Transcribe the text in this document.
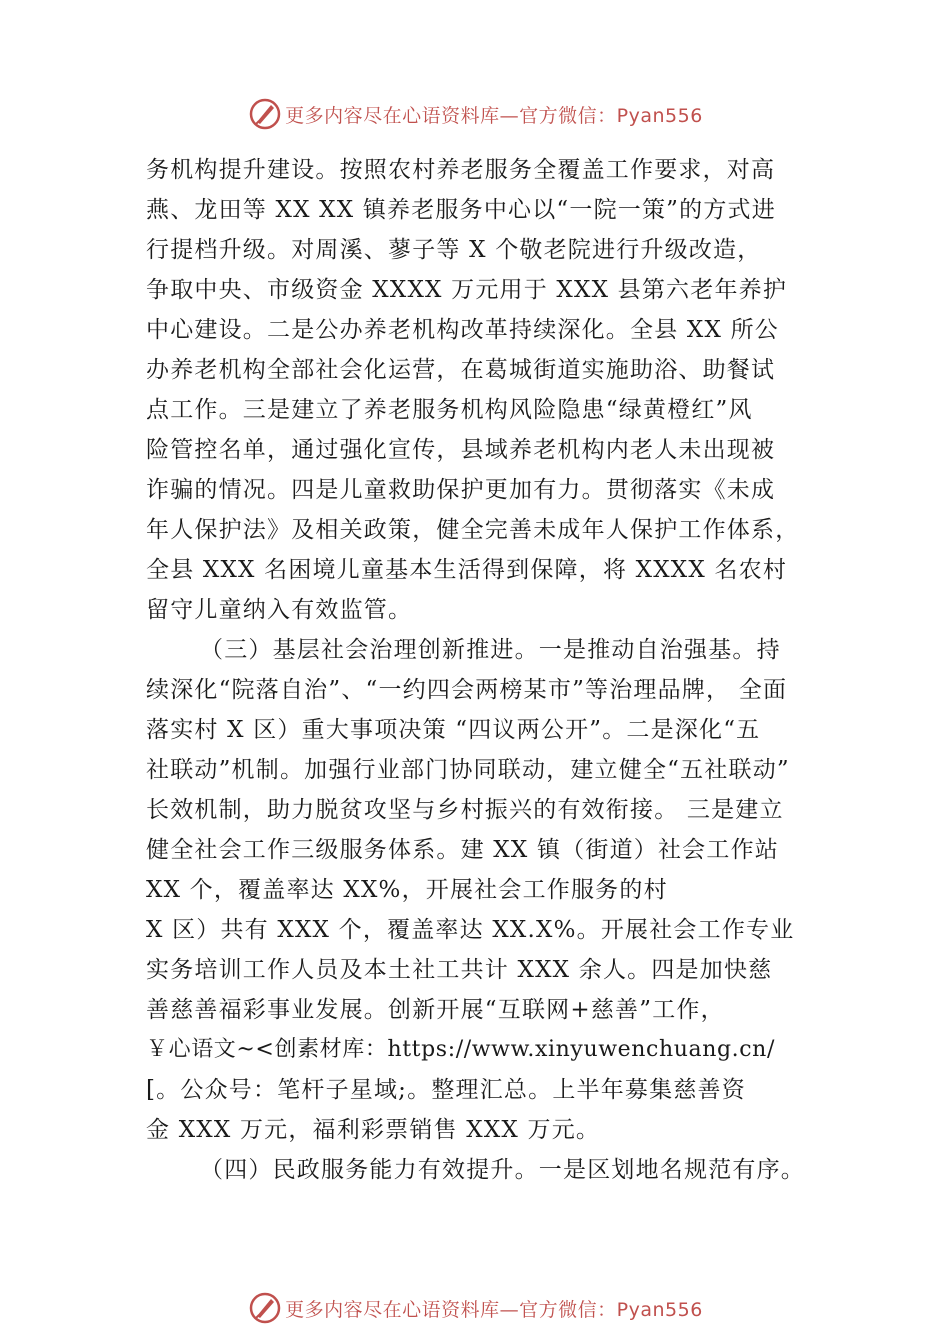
更多内容尽在心语资料库—官方微信：Pyan556
务机构提升建设。按照农村养老服务全覆盖工作要求，对高
燕、龙田等 XX XX 镇养老服务中心以“一院一策”的方式进
行提档升级。对周溪、蓼子等 X 个敬老院进行升级改造，
争取中央、市级资金 XXXX 万元用于 XXX 县第六老年养护
中心建设。二是公办养老机构改革持续深化。全县 XX 所公
办养老机构全部社会化运营，在葛城街道实施助浴、助餐试
点工作。三是建立了养老服务机构风险隐患“绿黄橙红”风
险管控名单，通过强化宣传，县域养老机构内老人未出现被
诈骗的情况。四是儿童救助保护更加有力。贯彻落实《未成
年人保护法》及相关政策，健全完善未成年人保护工作体系，
全县 XXX 名困境儿童基本生活得到保障，将 XXXX 名农村
留守儿童纳入有效监管。
（三）基层社会治理创新推进。一是推动自治强基。持
续深化“院落自治”、“一约四会两榜某市”等治理品牌， 全面
落实村 X 区）重大事项决策 “四议两公开”。二是深化“五
社联动”机制。加强行业部门协同联动，建立健全“五社联动”
长效机制，助力脱贫攻坚与乡村振兴的有效衔接。 三是建立
健全社会工作三级服务体系。建 XX 镇（街道）社会工作站
XX 个，覆盖率达 XX%，开展社会工作服务的村
X 区）共有 XXX 个，覆盖率达 XX.X%。开展社会工作专业
实务培训工作人员及本土社工共计 XXX 余人。四是加快慈
善慈善福彩事业发展。创新开展“互联网+慈善”工作，
￥心语文~<创素材库：https://www.xinyuwenchuang.cn/
[。公众号：笔杆子星域;。整理汇总。上半年募集慈善资
金 XXX 万元，福利彩票销售 XXX 万元。
（四）民政服务能力有效提升。一是区划地名规范有序。
更多内容尽在心语资料库—官方微信：Pyan556
